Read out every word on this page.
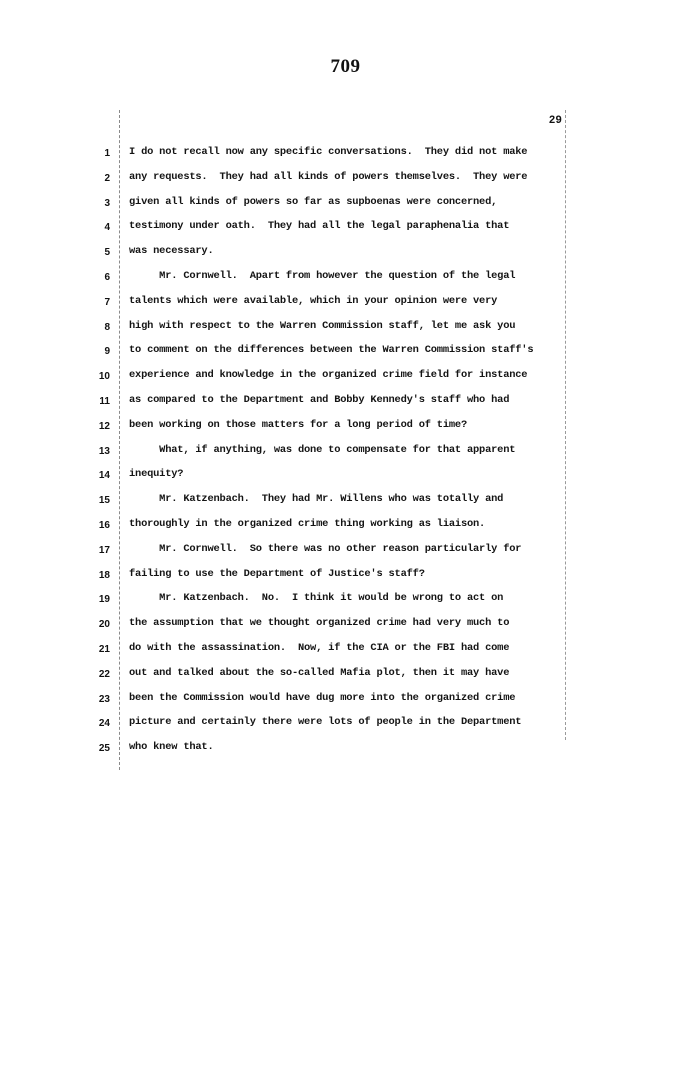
709
29
1 I do not recall now any specific conversations.  They did not make
2 any requests.  They had all kinds of powers themselves.  They were
3 given all kinds of powers so far as supboenas were concerned,
4 testimony under oath.  They had all the legal paraphenalia that
5 was necessary.
6 Mr. Cornwell.  Apart from however the question of the legal
7 talents which were available, which in your opinion were very
8 high with respect to the Warren Commission staff, let me ask you
9 to comment on the differences between the Warren Commission staff's
10 experience and knowledge in the organized crime field for instance
11 as compared to the Department and Bobby Kennedy's staff who had
12 been working on those matters for a long period of time?
13 What, if anything, was done to compensate for that apparent
14 inequity?
15 Mr. Katzenbach.  They had Mr. Willens who was totally and
16 thoroughly in the organized crime thing working as liaison.
17 Mr. Cornwell.  So there was no other reason particularly for
18 failing to use the Department of Justice's staff?
19 Mr. Katzenbach.  No.  I think it would be wrong to act on
20 the assumption that we thought organized crime had very much to
21 do with the assassination.  Now, if the CIA or the FBI had come
22 out and talked about the so-called Mafia plot, then it may have
23 been the Commission would have dug more into the organized crime
24 picture and certainly there were lots of people in the Department
25 who knew that.
